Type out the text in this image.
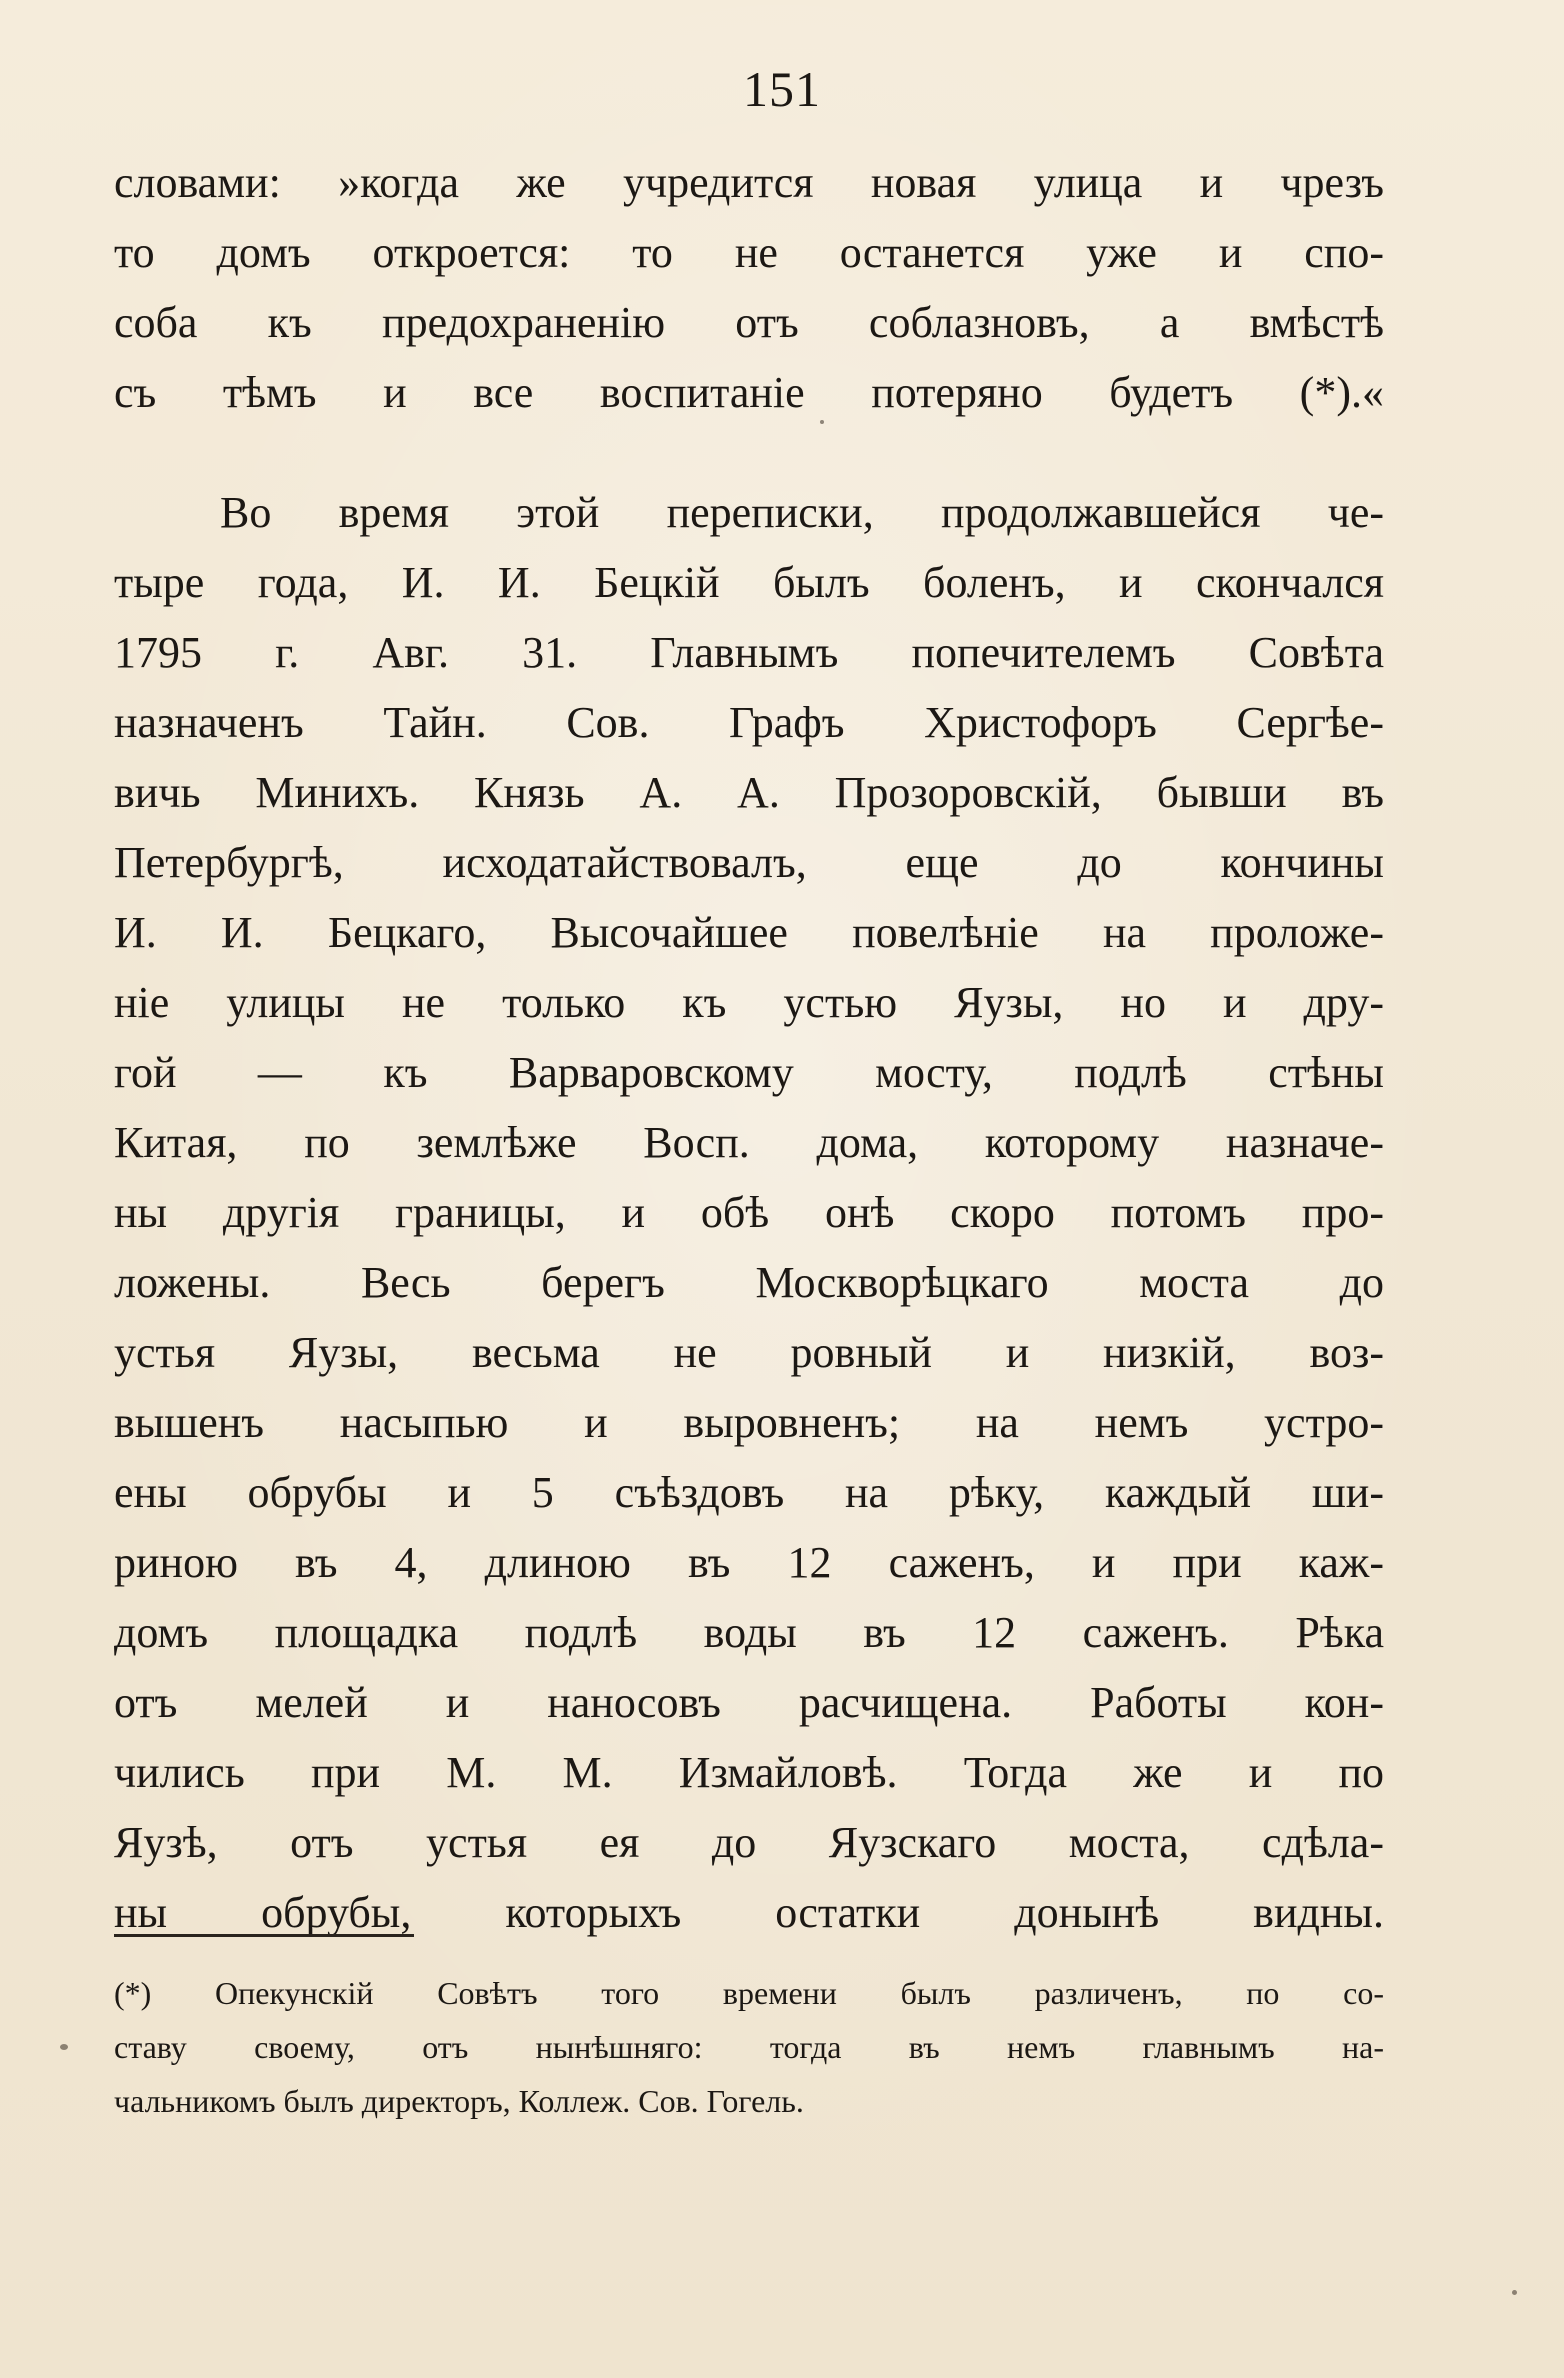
151
словами: »когда же учредится новая улица и чрезъ
то домъ откроется: то не останется уже и спо-
соба къ предохраненію отъ соблазновъ, а вмѣстѣ
съ тѣмъ и все воспитаніе потеряно будетъ (*).«
Во время этой переписки, продолжавшейся че-
тыре года, И. И. Бецкій былъ боленъ, и скончался
1795 г. Авг. 31. Главнымъ попечителемъ Совѣта
назначенъ Тайн. Сов. Графъ Христофоръ Сергѣе-
вичь Минихъ. Князь А. А. Прозоровскій, бывши въ
Петербургѣ, исходатайствовалъ, еще до кончины
И. И. Бецкаго, Высочайшее повелѣніе на проложе-
ніе улицы не только къ устью Яузы, но и дру-
гой — къ Варваровскому мосту, подлѣ стѣны
Китая, по землѣже Восп. дома, которому назначе-
ны другія границы, и обѣ онѣ скоро потомъ про-
ложены. Весь берегъ Москворѣцкаго моста до
устья Яузы, весьма не ровный и низкій, воз-
вышенъ насыпью и выровненъ; на немъ устро-
ены обрубы и 5 съѣздовъ на рѣку, каждый ши-
риною въ 4, длиною въ 12 саженъ, и при каж-
домъ площадка подлѣ воды въ 12 саженъ. Рѣка
отъ мелей и наносовъ расчищена. Работы кон-
чились при М. М. Измайловѣ. Тогда же и по
Яузѣ, отъ устья ея до Яузскаго моста, сдѣла-
ны обрубы, которыхъ остатки донынѣ видны.
(*) Опекунскій Совѣтъ того времени былъ различенъ, по со-
ставу своему, отъ нынѣшняго: тогда въ немъ главнымъ на-
чальникомъ былъ директоръ, Коллеж. Сов. Гогель.
